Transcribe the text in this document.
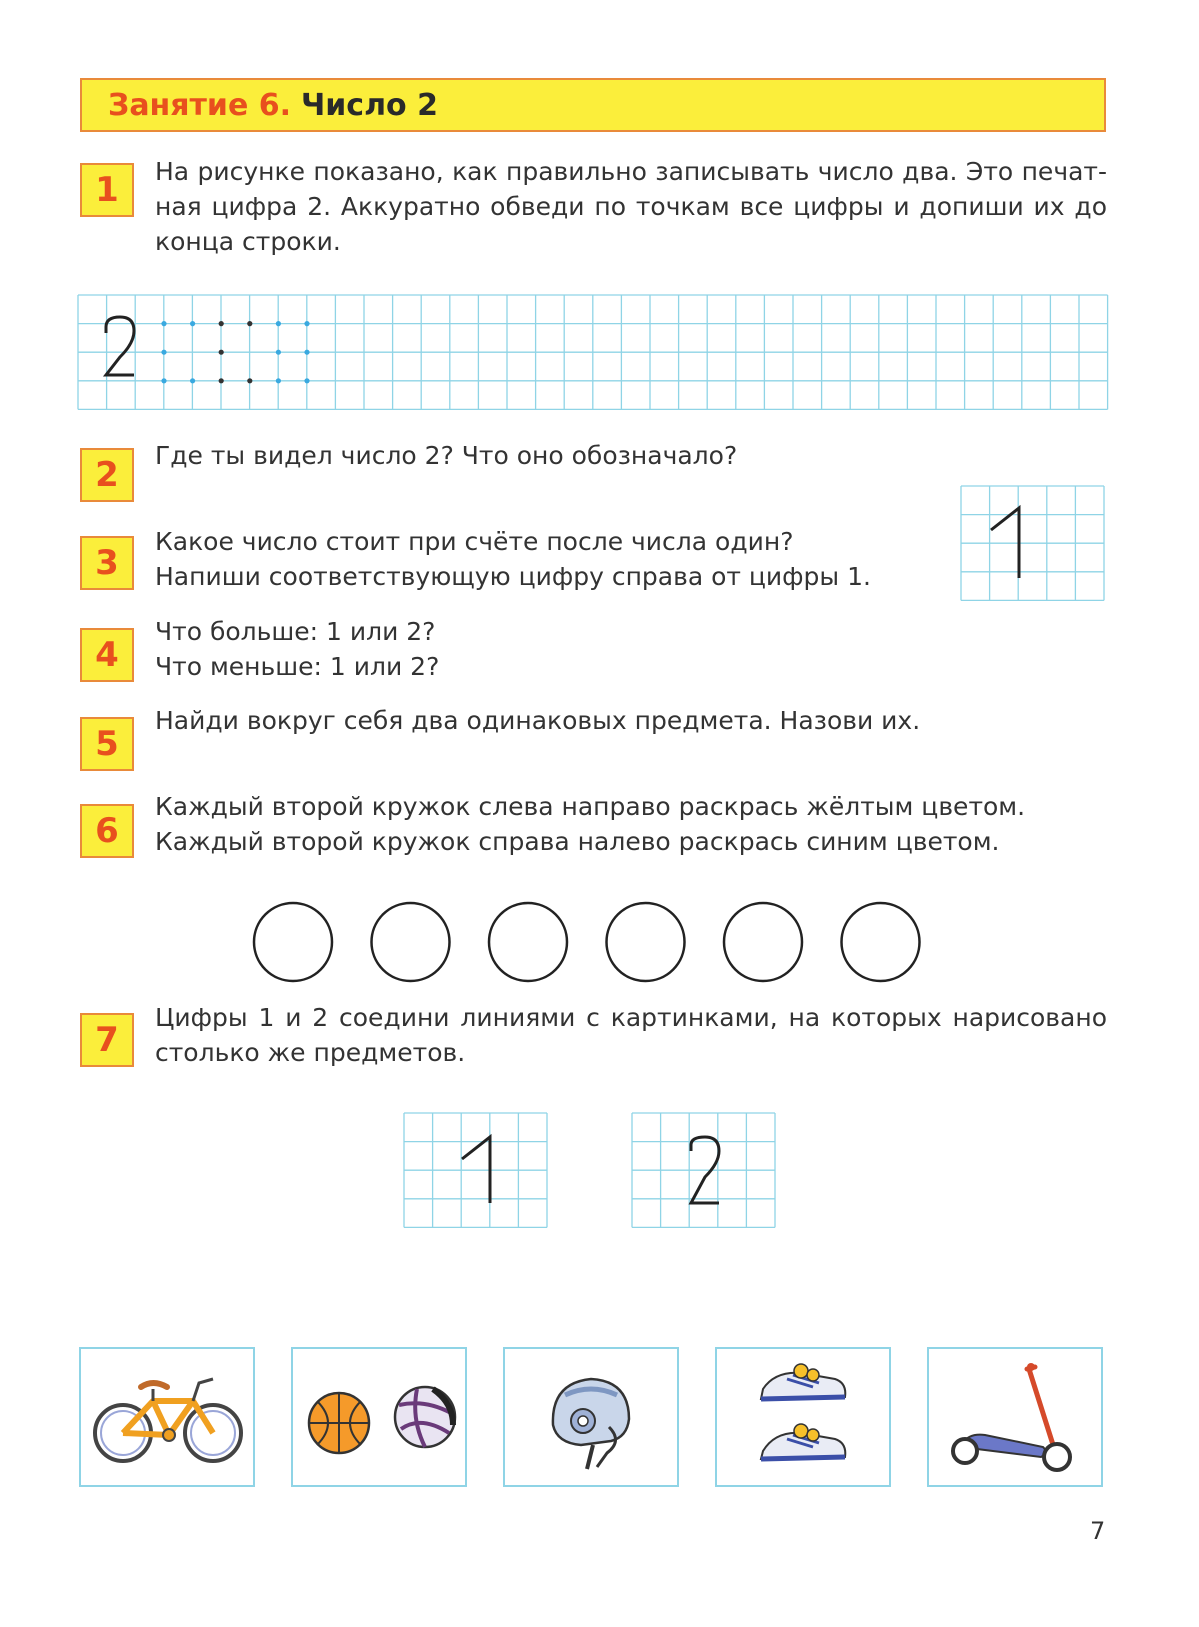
Занятие 6. Число 2
1	На рисунке показано, как правильно записывать число два. Это печат-
ная цифра 2. Аккуратно обведи по точкам все цифры и допиши их до
конца строки.
2	Где ты видел число 2? Что оно обозначало?
3
Какое число стоит при счёте после числа один?
Напиши соответствующую цифру справа от цифры 1.
4
Что больше: 1 или 2?
Что меньше: 1 или 2?
5
Найди вокруг себя два одинаковых предмета. Назови их.
6
Каждый второй кружок слева направо раскрась жёлтым цветом.
Каждый второй кружок справа налево раскрась синим цветом.
7
Цифры 1 и 2 соедини линиями с картинками, на которых нарисовано
столько же предметов.
7
